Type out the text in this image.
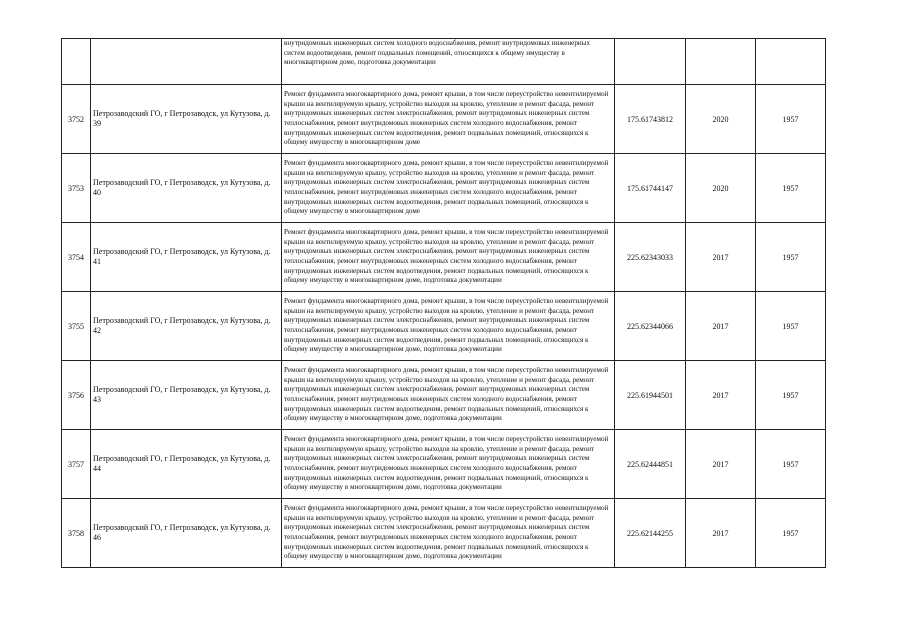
		внутридомовых инженерных систем холодного водоснабжения, ремонт внутридомовых инженерных систем водоотведения, ремонт подвальных помещений, относящихся к общему имуществу в многоквартирном доме, подготовка документации			
3752	Петрозаводский ГО, г Петрозаводск, ул Кутузова, д. 39	Ремонт фундамента многоквартирного дома, ремонт крыши, в том числе переустройство невентилируемой крыши на вентилируемую крышу, устройство выходов на кровлю, утепление и ремонт фасада, ремонт внутридомовых инженерных систем электроснабжения, ремонт внутридомовых инженерных систем теплоснабжения, ремонт внутридомовых инженерных систем холодного водоснабжения, ремонт внутридомовых инженерных систем водоотведения, ремонт подвальных помещений, относящихся к общему имуществу в многоквартирном доме	175.61743812	2020	1957
3753	Петрозаводский ГО, г Петрозаводск, ул Кутузова, д. 40	Ремонт фундамента многоквартирного дома, ремонт крыши, в том числе переустройство невентилируемой крыши на вентилируемую крышу, устройство выходов на кровлю, утепление и ремонт фасада, ремонт внутридомовых инженерных систем электроснабжения, ремонт внутридомовых инженерных систем теплоснабжения, ремонт внутридомовых инженерных систем холодного водоснабжения, ремонт внутридомовых инженерных систем водоотведения, ремонт подвальных помещений, относящихся к общему имуществу в многоквартирном доме	175.61744147	2020	1957
3754	Петрозаводский ГО, г Петрозаводск, ул Кутузова, д. 41	Ремонт фундамента многоквартирного дома, ремонт крыши, в том числе переустройство невентилируемой крыши на вентилируемую крышу, устройство выходов на кровлю, утепление и ремонт фасада, ремонт внутридомовых инженерных систем электроснабжения, ремонт внутридомовых инженерных систем теплоснабжения, ремонт внутридомовых инженерных систем холодного водоснабжения, ремонт внутридомовых инженерных систем водоотведения, ремонт подвальных помещений, относящихся к общему имуществу в многоквартирном доме, подготовка документации	225.62343033	2017	1957
3755	Петрозаводский ГО, г Петрозаводск, ул Кутузова, д. 42	Ремонт фундамента многоквартирного дома, ремонт крыши, в том числе переустройство невентилируемой крыши на вентилируемую крышу, устройство выходов на кровлю, утепление и ремонт фасада, ремонт внутридомовых инженерных систем электроснабжения, ремонт внутридомовых инженерных систем теплоснабжения, ремонт внутридомовых инженерных систем холодного водоснабжения, ремонт внутридомовых инженерных систем водоотведения, ремонт подвальных помещений, относящихся к общему имуществу в многоквартирном доме, подготовка документации	225.62344066	2017	1957
3756	Петрозаводский ГО, г Петрозаводск, ул Кутузова, д. 43	Ремонт фундамента многоквартирного дома, ремонт крыши, в том числе переустройство невентилируемой крыши на вентилируемую крышу, устройство выходов на кровлю, утепление и ремонт фасада, ремонт внутридомовых инженерных систем электроснабжения, ремонт внутридомовых инженерных систем теплоснабжения, ремонт внутридомовых инженерных систем холодного водоснабжения, ремонт внутридомовых инженерных систем водоотведения, ремонт подвальных помещений, относящихся к общему имуществу в многоквартирном доме, подготовка документации	225.61944501	2017	1957
3757	Петрозаводский ГО, г Петрозаводск, ул Кутузова, д. 44	Ремонт фундамента многоквартирного дома, ремонт крыши, в том числе переустройство невентилируемой крыши на вентилируемую крышу, устройство выходов на кровлю, утепление и ремонт фасада, ремонт внутридомовых инженерных систем электроснабжения, ремонт внутридомовых инженерных систем теплоснабжения, ремонт внутридомовых инженерных систем холодного водоснабжения, ремонт внутридомовых инженерных систем водоотведения, ремонт подвальных помещений, относящихся к общему имуществу в многоквартирном доме, подготовка документации	225.62444851	2017	1957
3758	Петрозаводский ГО, г Петрозаводск, ул Кутузова, д. 46	Ремонт фундамента многоквартирного дома, ремонт крыши, в том числе переустройство невентилируемой крыши на вентилируемую крышу, устройство выходов на кровлю, утепление и ремонт фасада, ремонт внутридомовых инженерных систем электроснабжения, ремонт внутридомовых инженерных систем теплоснабжения, ремонт внутридомовых инженерных систем холодного водоснабжения, ремонт внутридомовых инженерных систем водоотведения, ремонт подвальных помещений, относящихся к общему имуществу в многоквартирном доме, подготовка документации	225.62144255	2017	1957
